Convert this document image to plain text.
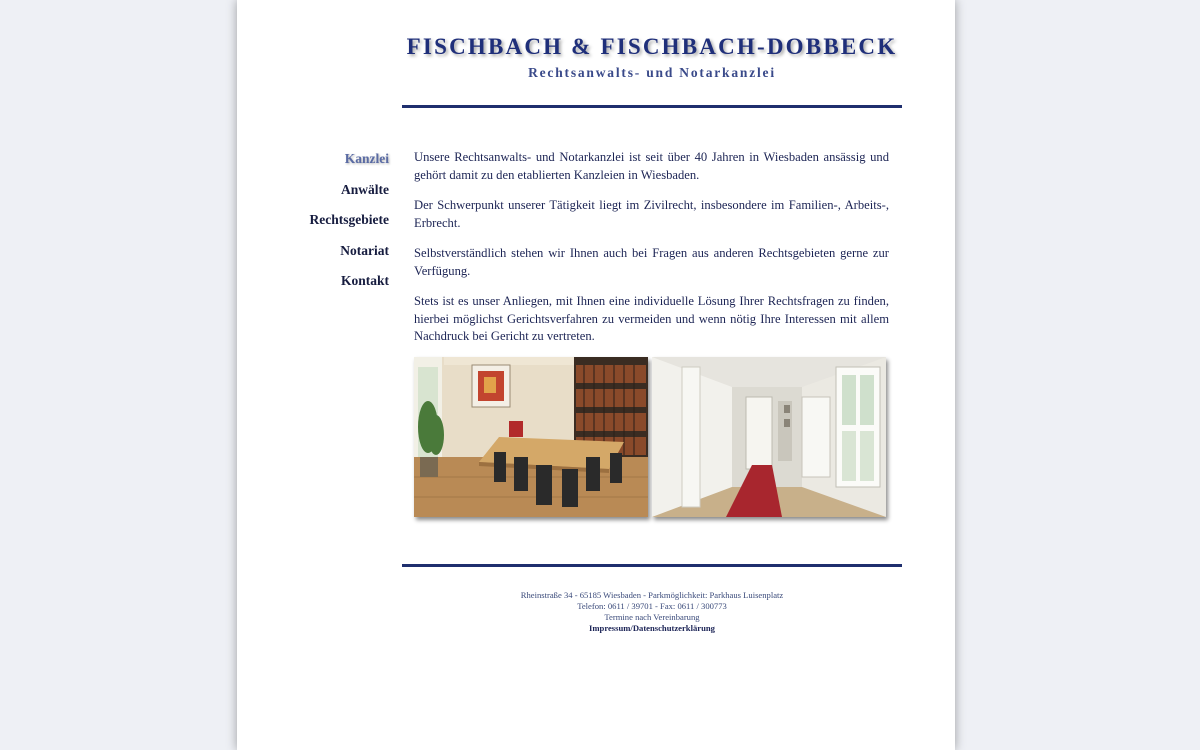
FISCHBACH & FISCHBACH-DOBBECK
Rechtsanwalts- und Notarkanzlei
Kanzlei
Anwälte
Rechtsgebiete
Notariat
Kontakt

Unsere Rechtsanwalts- und Notarkanzlei ist seit über 40 Jahren in Wiesbaden ansässig und gehört damit zu den etablierten Kanzleien in Wiesbaden.

Der Schwerpunkt unserer Tätigkeit liegt im Zivilrecht, insbesondere im Familien-, Arbeits-, Erbrecht.

Selbstverständlich stehen wir Ihnen auch bei Fragen aus anderen Rechtsgebieten gerne zur Verfügung.

Stets ist es unser Anliegen, mit Ihnen eine individuelle Lösung Ihrer Rechtsfragen zu finden, hierbei möglichst Gerichtsverfahren zu vermeiden und wenn nötig Ihre Interessen mit allem Nachdruck bei Gericht zu vertreten.

Rheinstraße 34 - 65185 Wiesbaden - Parkmöglichkeit: Parkhaus Luisenplatz
Telefon: 0611 / 39701 - Fax: 0611 / 300773
Termine nach Vereinbarung
Impressum/Datenschutzerklärung
